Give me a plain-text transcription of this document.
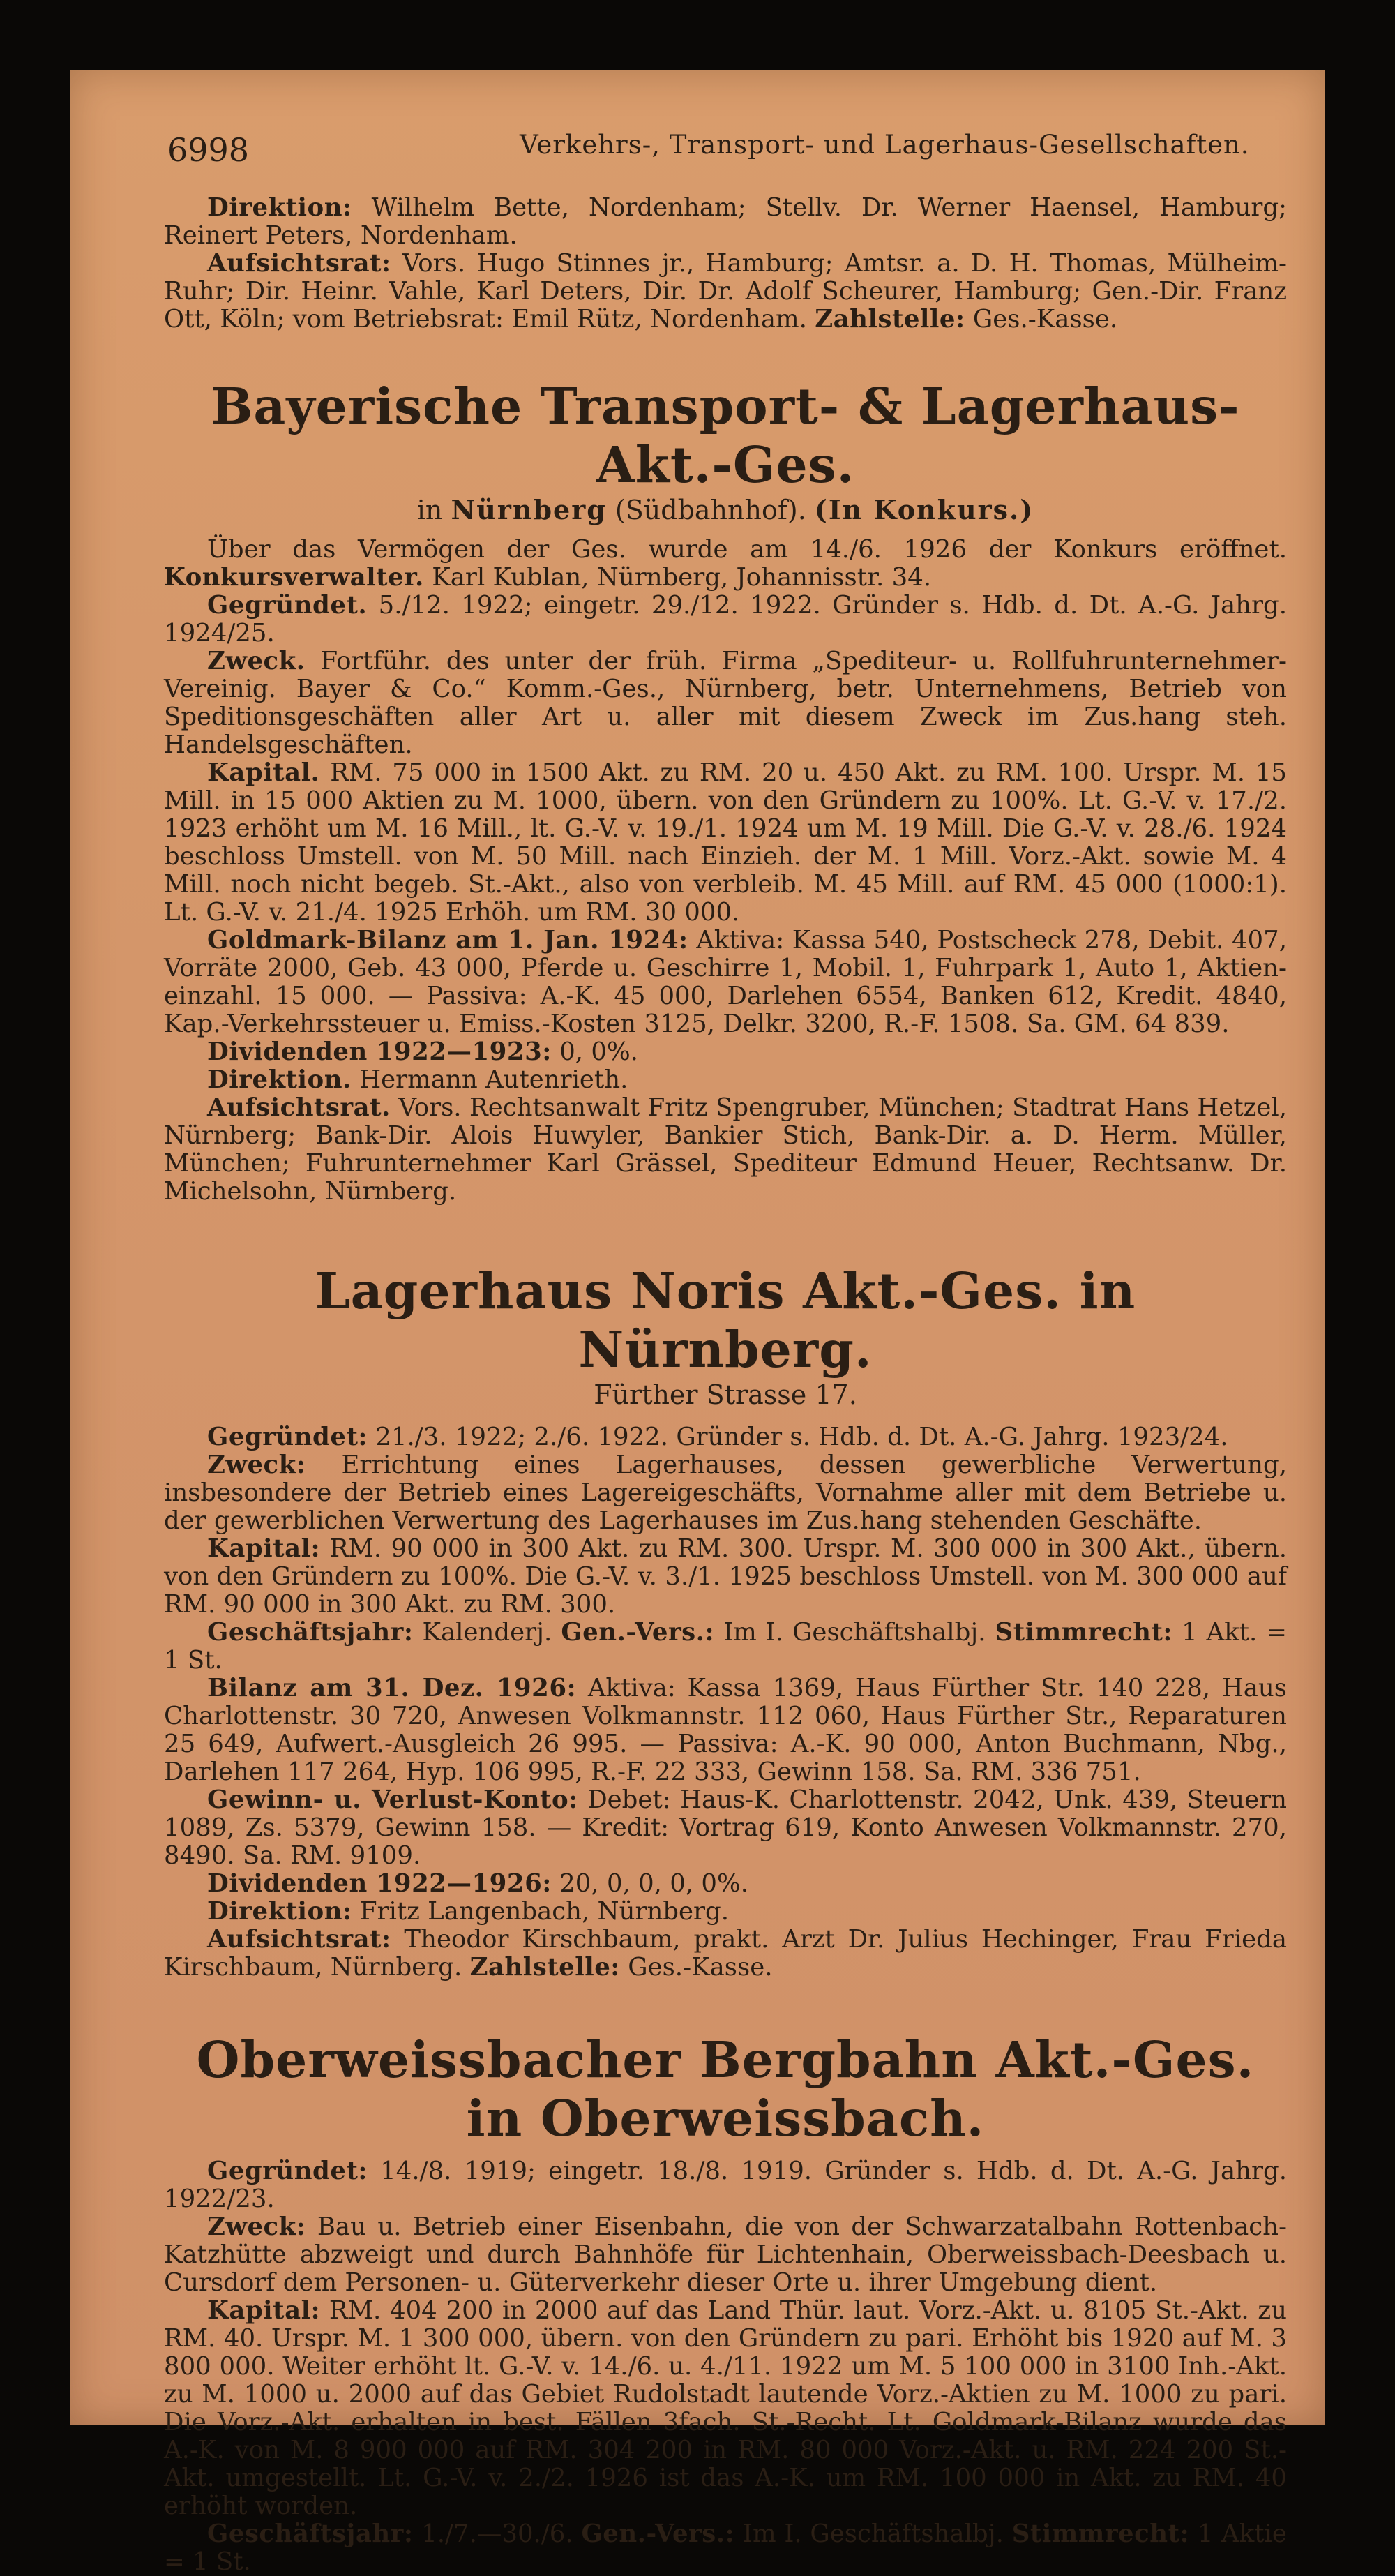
6998	Verkehrs-, Transport- und Lagerhaus-Gesellschaften.

Direktion: Wilhelm Bette, Nordenham; Stellv. Dr. Werner Haensel, Hamburg; Reinert Peters, Nordenham.

Aufsichtsrat: Vors. Hugo Stinnes jr., Hamburg; Amtsr. a. D. H. Thomas, Mülheim-Ruhr; Dir. Heinr. Vahle, Karl Deters, Dir. Dr. Adolf Scheurer, Hamburg; Gen.-Dir. Franz Ott, Köln; vom Betriebsrat: Emil Rütz, Nordenham. Zahlstelle: Ges.-Kasse.

Bayerische Transport- & Lagerhaus-Akt.-Ges.

in Nürnberg (Südbahnhof). (In Konkurs.)

Über das Vermögen der Ges. wurde am 14./6. 1926 der Konkurs eröffnet. Konkursverwalter. Karl Kublan, Nürnberg, Johannisstr. 34.

Gegründet. 5./12. 1922; eingetr. 29./12. 1922. Gründer s. Hdb. d. Dt. A.-G. Jahrg. 1924/25.

Zweck. Fortführ. des unter der früh. Firma „Spediteur- u. Rollfuhrunternehmer-Vereinig. Bayer & Co.“ Komm.-Ges., Nürnberg, betr. Unternehmens, Betrieb von Speditionsgeschäften aller Art u. aller mit diesem Zweck im Zus.hang steh. Handelsgeschäften.

Kapital. RM. 75 000 in 1500 Akt. zu RM. 20 u. 450 Akt. zu RM. 100. Urspr. M. 15 Mill. in 15 000 Aktien zu M. 1000, übern. von den Gründern zu 100%. Lt. G.-V. v. 17./2. 1923 erhöht um M. 16 Mill., lt. G.-V. v. 19./1. 1924 um M. 19 Mill. Die G.-V. v. 28./6. 1924 beschloss Umstell. von M. 50 Mill. nach Einzieh. der M. 1 Mill. Vorz.-Akt. sowie M. 4 Mill. noch nicht begeb. St.-Akt., also von verbleib. M. 45 Mill. auf RM. 45 000 (1000:1). Lt. G.-V. v. 21./4. 1925 Erhöh. um RM. 30 000.

Goldmark-Bilanz am 1. Jan. 1924: Aktiva: Kassa 540, Postscheck 278, Debit. 407, Vorräte 2000, Geb. 43 000, Pferde u. Geschirre 1, Mobil. 1, Fuhrpark 1, Auto 1, Aktien-einzahl. 15 000. — Passiva: A.-K. 45 000, Darlehen 6554, Banken 612, Kredit. 4840, Kap.-Verkehrssteuer u. Emiss.-Kosten 3125, Delkr. 3200, R.-F. 1508. Sa. GM. 64 839.

Dividenden 1922—1923: 0, 0%.

Direktion. Hermann Autenrieth.

Aufsichtsrat. Vors. Rechtsanwalt Fritz Spengruber, München; Stadtrat Hans Hetzel, Nürnberg; Bank-Dir. Alois Huwyler, Bankier Stich, Bank-Dir. a. D. Herm. Müller, München; Fuhrunternehmer Karl Grässel, Spediteur Edmund Heuer, Rechtsanw. Dr. Michelsohn, Nürnberg.

Lagerhaus Noris Akt.-Ges. in Nürnberg.

Fürther Strasse 17.

Gegründet: 21./3. 1922; 2./6. 1922. Gründer s. Hdb. d. Dt. A.-G. Jahrg. 1923/24.

Zweck: Errichtung eines Lagerhauses, dessen gewerbliche Verwertung, insbesondere der Betrieb eines Lagereigeschäfts, Vornahme aller mit dem Betriebe u. der gewerblichen Verwertung des Lagerhauses im Zus.hang stehenden Geschäfte.

Kapital: RM. 90 000 in 300 Akt. zu RM. 300. Urspr. M. 300 000 in 300 Akt., übern. von den Gründern zu 100%. Die G.-V. v. 3./1. 1925 beschloss Umstell. von M. 300 000 auf RM. 90 000 in 300 Akt. zu RM. 300.

Geschäftsjahr: Kalenderj. Gen.-Vers.: Im I. Geschäftshalbj. Stimmrecht: 1 Akt. = 1 St.

Bilanz am 31. Dez. 1926: Aktiva: Kassa 1369, Haus Fürther Str. 140 228, Haus Charlottenstr. 30 720, Anwesen Volkmannstr. 112 060, Haus Fürther Str., Reparaturen 25 649, Aufwert.-Ausgleich 26 995. — Passiva: A.-K. 90 000, Anton Buchmann, Nbg., Darlehen 117 264, Hyp. 106 995, R.-F. 22 333, Gewinn 158. Sa. RM. 336 751.

Gewinn- u. Verlust-Konto: Debet: Haus-K. Charlottenstr. 2042, Unk. 439, Steuern 1089, Zs. 5379, Gewinn 158. — Kredit: Vortrag 619, Konto Anwesen Volkmannstr. 270, 8490. Sa. RM. 9109.

Dividenden 1922—1926: 20, 0, 0, 0, 0%.

Direktion: Fritz Langenbach, Nürnberg.

Aufsichtsrat: Theodor Kirschbaum, prakt. Arzt Dr. Julius Hechinger, Frau Frieda Kirschbaum, Nürnberg. Zahlstelle: Ges.-Kasse.

Oberweissbacher Bergbahn Akt.-Ges. in Oberweissbach.

Gegründet: 14./8. 1919; eingetr. 18./8. 1919. Gründer s. Hdb. d. Dt. A.-G. Jahrg. 1922/23.

Zweck: Bau u. Betrieb einer Eisenbahn, die von der Schwarzatalbahn Rottenbach-Katzhütte abzweigt und durch Bahnhöfe für Lichtenhain, Oberweissbach-Deesbach u. Cursdorf dem Personen- u. Güterverkehr dieser Orte u. ihrer Umgebung dient.

Kapital: RM. 404 200 in 2000 auf das Land Thür. laut. Vorz.-Akt. u. 8105 St.-Akt. zu RM. 40. Urspr. M. 1 300 000, übern. von den Gründern zu pari. Erhöht bis 1920 auf M. 3 800 000. Weiter erhöht lt. G.-V. v. 14./6. u. 4./11. 1922 um M. 5 100 000 in 3100 Inh.-Akt. zu M. 1000 u. 2000 auf das Gebiet Rudolstadt lautende Vorz.-Aktien zu M. 1000 zu pari. Die Vorz.-Akt. erhalten in best. Fällen 3fach. St.-Recht. Lt. Goldmark-Bilanz wurde das A.-K. von M. 8 900 000 auf RM. 304 200 in RM. 80 000 Vorz.-Akt. u. RM. 224 200 St.-Akt. umgestellt. Lt. G.-V. v. 2./2. 1926 ist das A.-K. um RM. 100 000 in Akt. zu RM. 40 erhöht worden.

Geschäftsjahr: 1./7.—30./6. Gen.-Vers.: Im I. Geschäftshalbj. Stimmrecht: 1 Aktie = 1 St.
